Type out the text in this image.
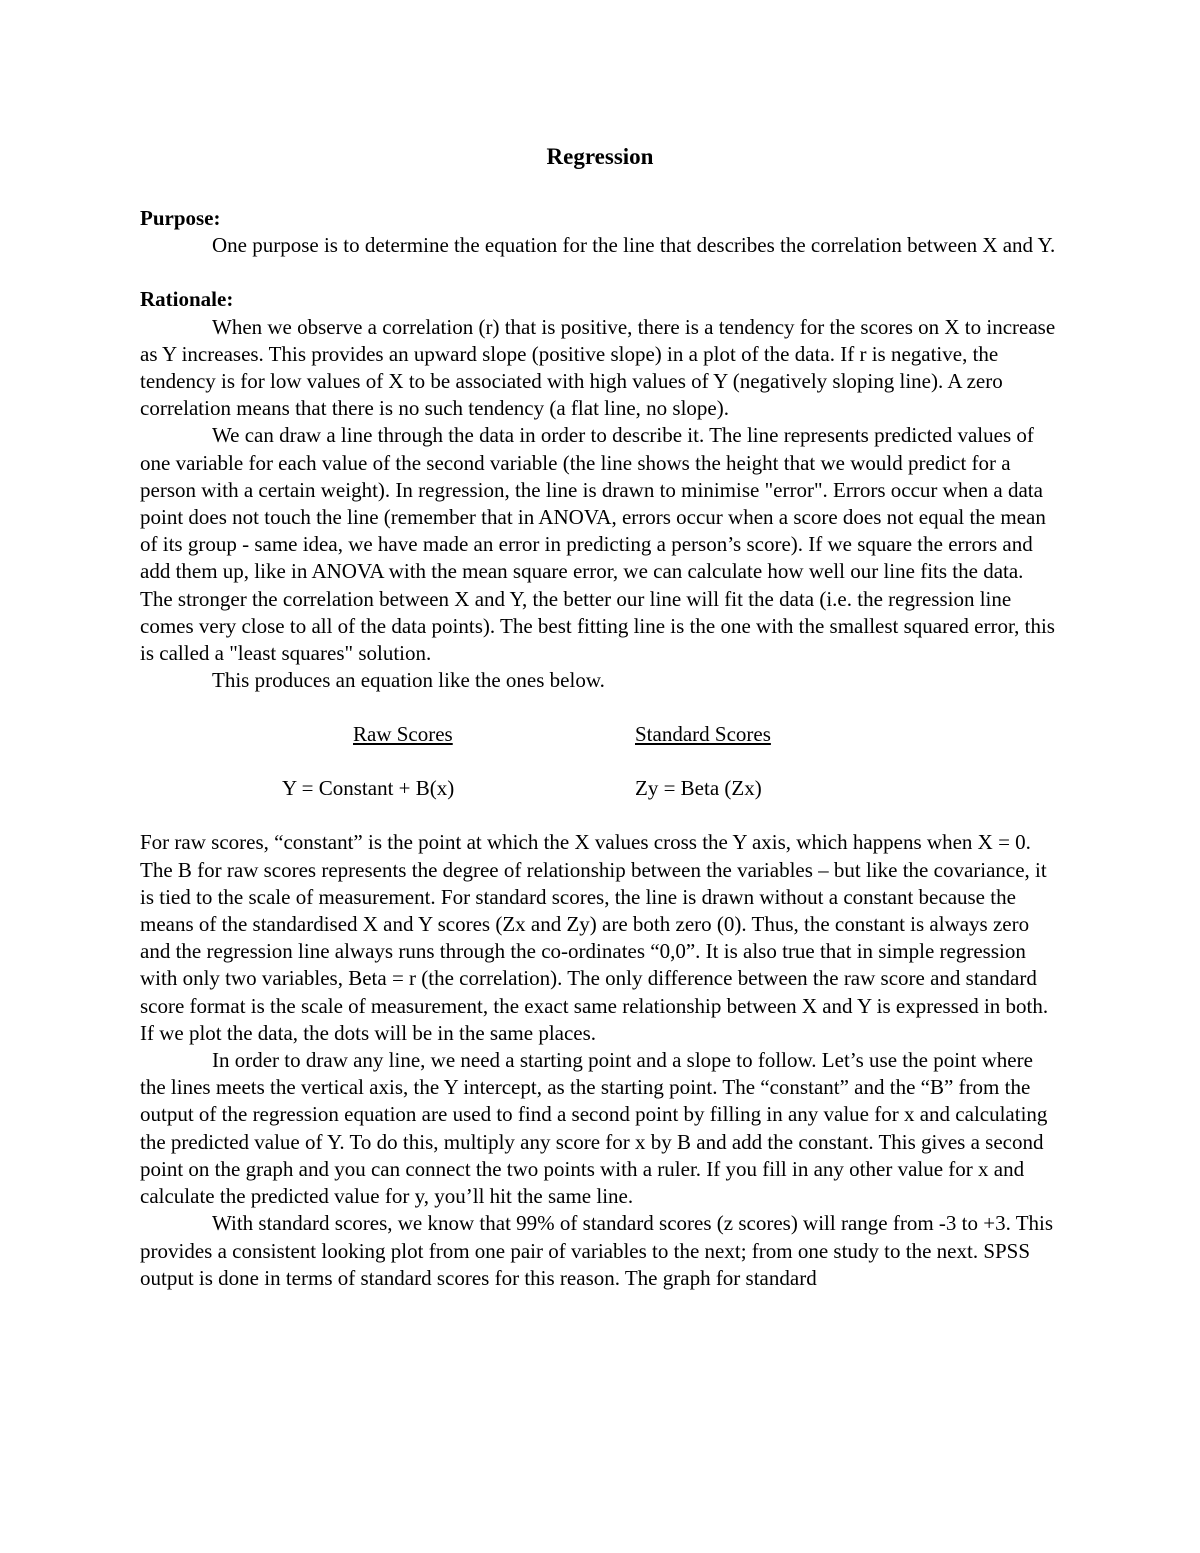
Regression

Purpose:

One purpose is to determine the equation for the line that describes the correlation between X and Y.

Rationale:

When we observe a correlation (r) that is positive, there is a tendency for the scores on X to increase as Y increases. This provides an upward slope (positive slope) in a plot of the data. If r is negative, the tendency is for low values of X to be associated with high values of Y (negatively sloping line). A zero correlation means that there is no such tendency (a flat line, no slope).

We can draw a line through the data in order to describe it. The line represents predicted values of one variable for each value of the second variable (the line shows the height that we would predict for a person with a certain weight). In regression, the line is drawn to minimise "error". Errors occur when a data point does not touch the line (remember that in ANOVA, errors occur when a score does not equal the mean of its group - same idea, we have made an error in predicting a person’s score). If we square the errors and add them up, like in ANOVA with the mean square error, we can calculate how well our line fits the data. The stronger the correlation between X and Y, the better our line will fit the data (i.e. the regression line comes very close to all of the data points). The best fitting line is the one with the smallest squared error, this is called a "least squares" solution.

This produces an equation like the ones below.

Raw Scores	Standard Scores
Y = Constant + B(x)	Zy = Beta (Zx)

For raw scores, “constant” is the point at which the X values cross the Y axis, which happens when X = 0. The B for raw scores represents the degree of relationship between the variables – but like the covariance, it is tied to the scale of measurement. For standard scores, the line is drawn without a constant because the means of the standardised X and Y scores (Zx and Zy) are both zero (0). Thus, the constant is always zero and the regression line always runs through the co-ordinates “0,0”. It is also true that in simple regression with only two variables, Beta = r (the correlation). The only difference between the raw score and standard score format is the scale of measurement, the exact same relationship between X and Y is expressed in both. If we plot the data, the dots will be in the same places.

In order to draw any line, we need a starting point and a slope to follow. Let’s use the point where the lines meets the vertical axis, the Y intercept, as the starting point. The “constant” and the “B” from the output of the regression equation are used to find a second point by filling in any value for x and calculating the predicted value of Y. To do this, multiply any score for x by B and add the constant. This gives a second point on the graph and you can connect the two points with a ruler. If you fill in any other value for x and calculate the predicted value for y, you’ll hit the same line.

With standard scores, we know that 99% of standard scores (z scores) will range from -3 to +3. This provides a consistent looking plot from one pair of variables to the next; from one study to the next. SPSS output is done in terms of standard scores for this reason. The graph for standard
